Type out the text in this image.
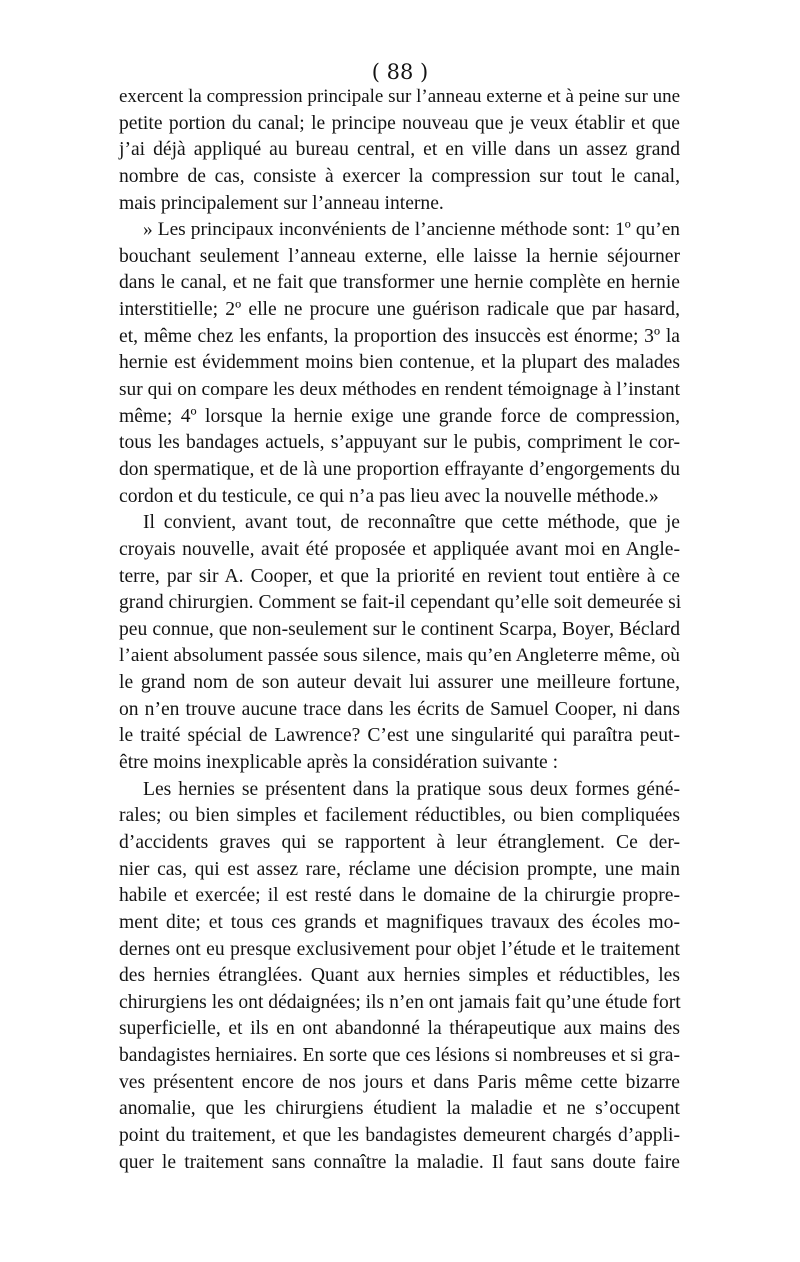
( 88 )
exercent la compression principale sur l’anneau externe et à peine sur une
petite portion du canal; le principe nouveau que je veux établir et que
j’ai déjà appliqué au bureau central, et en ville dans un assez grand
nombre de cas, consiste à exercer la compression sur tout le canal,
mais principalement sur l’anneau interne.
» Les principaux inconvénients de l’ancienne méthode sont: 1º qu’en
bouchant seulement l’anneau externe, elle laisse la hernie séjourner
dans le canal, et ne fait que transformer une hernie complète en hernie
interstitielle; 2º elle ne procure une guérison radicale que par hasard,
et, même chez les enfants, la proportion des insuccès est énorme; 3º la
hernie est évidemment moins bien contenue, et la plupart des malades
sur qui on compare les deux méthodes en rendent témoignage à l’instant
même; 4º lorsque la hernie exige une grande force de compression,
tous les bandages actuels, s’appuyant sur le pubis, compriment le cor-
don spermatique, et de là une proportion effrayante d’engorgements du
cordon et du testicule, ce qui n’a pas lieu avec la nouvelle méthode.»
Il convient, avant tout, de reconnaître que cette méthode, que je
croyais nouvelle, avait été proposée et appliquée avant moi en Angle-
terre, par sir A. Cooper, et que la priorité en revient tout entière à ce
grand chirurgien. Comment se fait-il cependant qu’elle soit demeurée si
peu connue, que non-seulement sur le continent Scarpa, Boyer, Béclard
l’aient absolument passée sous silence, mais qu’en Angleterre même, où
le grand nom de son auteur devait lui assurer une meilleure fortune,
on n’en trouve aucune trace dans les écrits de Samuel Cooper, ni dans
le traité spécial de Lawrence? C’est une singularité qui paraîtra peut-
être moins inexplicable après la considération suivante :
Les hernies se présentent dans la pratique sous deux formes géné-
rales; ou bien simples et facilement réductibles, ou bien compliquées
d’accidents graves qui se rapportent à leur étranglement. Ce der-
nier cas, qui est assez rare, réclame une décision prompte, une main
habile et exercée; il est resté dans le domaine de la chirurgie propre-
ment dite; et tous ces grands et magnifiques travaux des écoles mo-
dernes ont eu presque exclusivement pour objet l’étude et le traitement
des hernies étranglées. Quant aux hernies simples et réductibles, les
chirurgiens les ont dédaignées; ils n’en ont jamais fait qu’une étude fort
superficielle, et ils en ont abandonné la thérapeutique aux mains des
bandagistes herniaires. En sorte que ces lésions si nombreuses et si gra-
ves présentent encore de nos jours et dans Paris même cette bizarre
anomalie, que les chirurgiens étudient la maladie et ne s’occupent
point du traitement, et que les bandagistes demeurent chargés d’appli-
quer le traitement sans connaître la maladie. Il faut sans doute faire
